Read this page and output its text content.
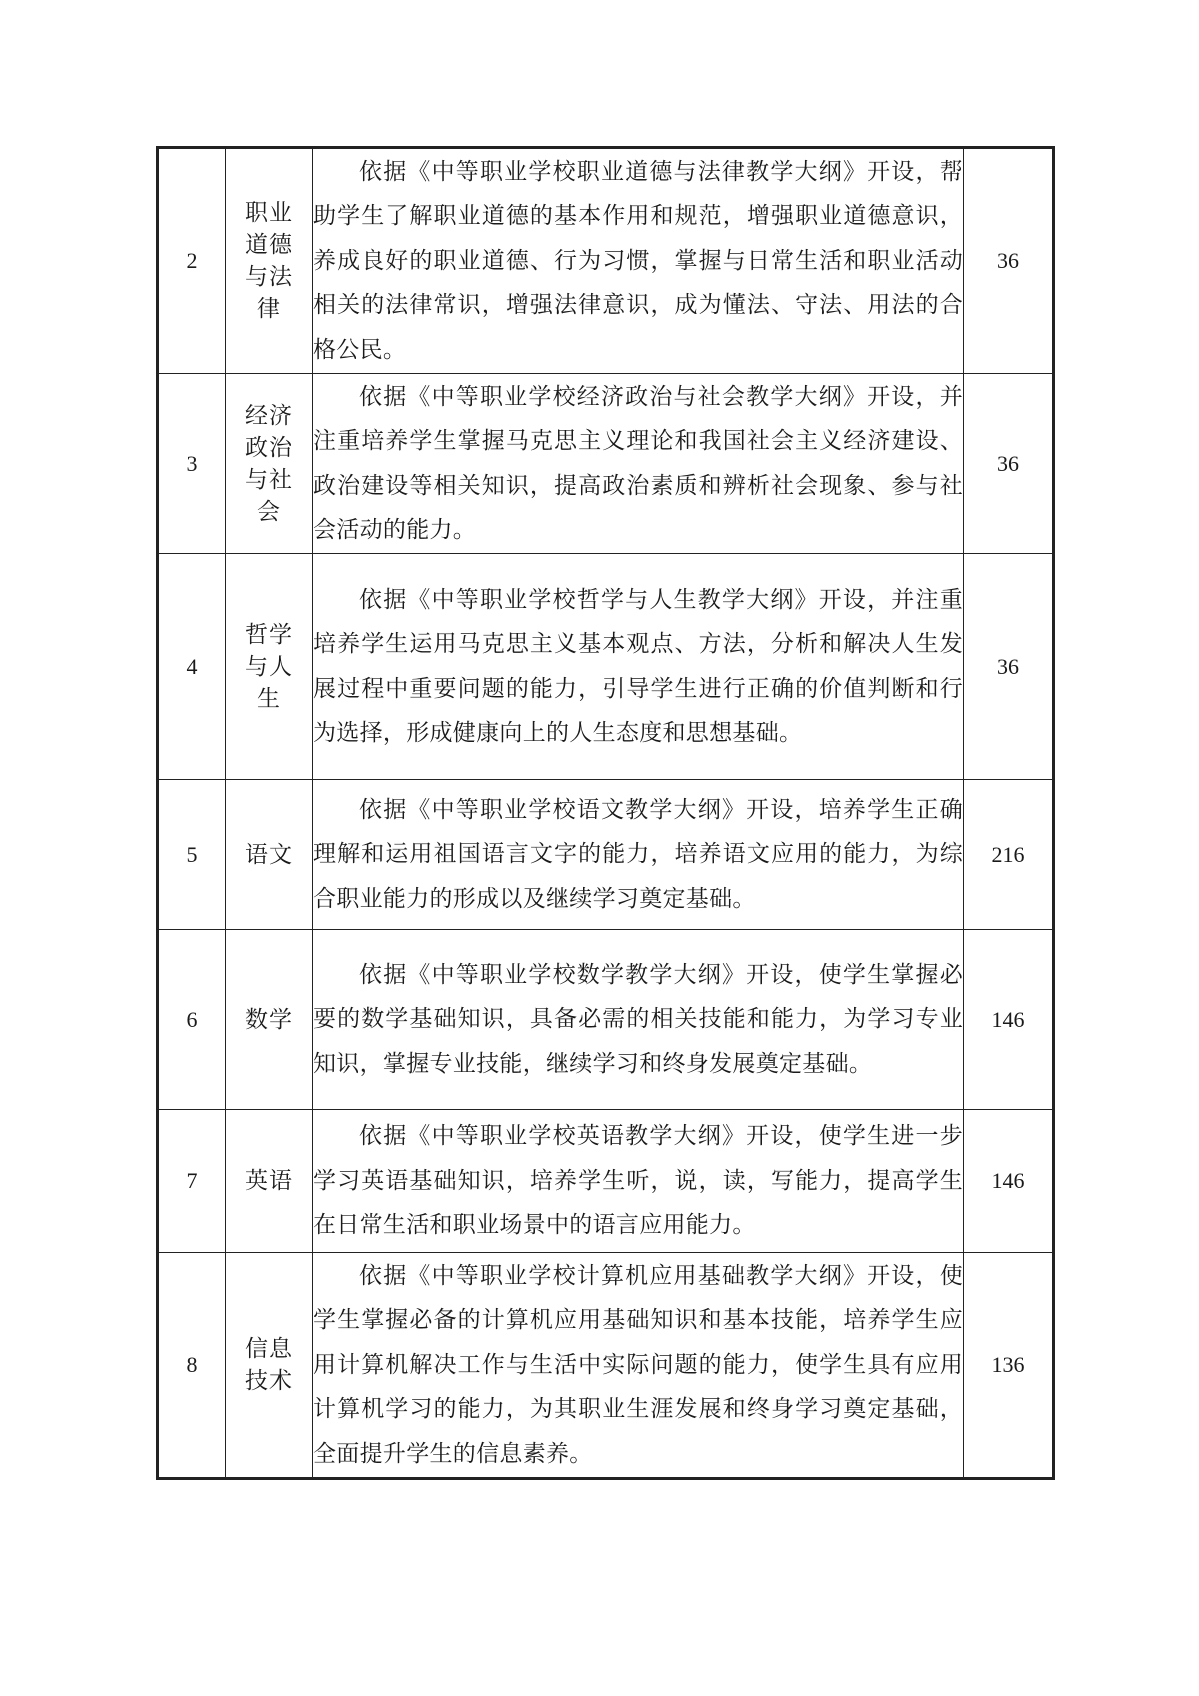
2	职业道德与法律	依据《中等职业学校职业道德与法律教学大纲》开设，帮助学生了解职业道德的基本作用和规范，增强职业道德意识，养成良好的职业道德、行为习惯，掌握与日常生活和职业活动相关的法律常识，增强法律意识，成为懂法、守法、用法的合格公民。	36
3	经济政治与社会	依据《中等职业学校经济政治与社会教学大纲》开设，并注重培养学生掌握马克思主义理论和我国社会主义经济建设、政治建设等相关知识，提高政治素质和辨析社会现象、参与社会活动的能力。	36
4	哲学与人生	依据《中等职业学校哲学与人生教学大纲》开设，并注重培养学生运用马克思主义基本观点、方法，分析和解决人生发展过程中重要问题的能力，引导学生进行正确的价值判断和行为选择，形成健康向上的人生态度和思想基础。	36
5	语文	依据《中等职业学校语文教学大纲》开设，培养学生正确理解和运用祖国语言文字的能力，培养语文应用的能力，为综合职业能力的形成以及继续学习奠定基础。	216
6	数学	依据《中等职业学校数学教学大纲》开设，使学生掌握必要的数学基础知识，具备必需的相关技能和能力，为学习专业知识，掌握专业技能，继续学习和终身发展奠定基础。	146
7	英语	依据《中等职业学校英语教学大纲》开设，使学生进一步学习英语基础知识，培养学生听，说，读，写能力，提高学生在日常生活和职业场景中的语言应用能力。	146
8	信息技术	依据《中等职业学校计算机应用基础教学大纲》开设，使学生掌握必备的计算机应用基础知识和基本技能，培养学生应用计算机解决工作与生活中实际问题的能力，使学生具有应用计算机学习的能力，为其职业生涯发展和终身学习奠定基础，全面提升学生的信息素养。	136
